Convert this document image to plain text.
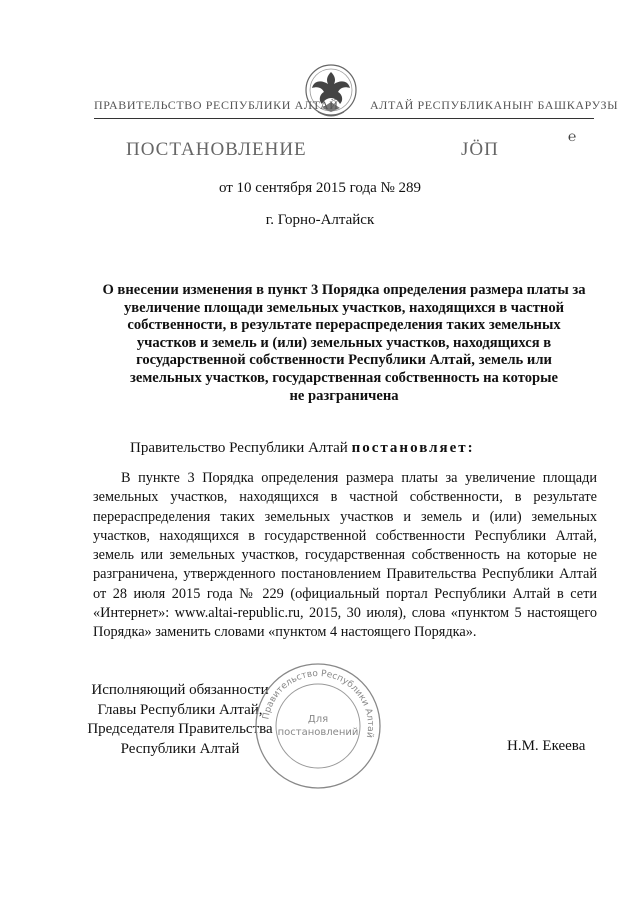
ПРАВИТЕЛЬСТВО РЕСПУБЛИКИ АЛТАЙ	АЛТАЙ РЕСПУБЛИКАНЫҤ БАШКАРУЗЫ
℮
ПОСТАНОВЛЕНИЕ	JӦП
от 10 сентября 2015 года № 289
г. Горно-Алтайск
О внесении изменения в пункт 3 Порядка определения размера платы за
увеличение площади земельных участков, находящихся в частной
собственности, в результате перераспределения таких земельных
участков и земель и (или) земельных участков, находящихся в
государственной собственности Республики Алтай, земель или
земельных участков, государственная собственность на которые
не разграничена
Правительство Республики Алтай постановляет:
В пункте 3 Порядка определения размера платы за увеличение площади земельных участков, находящихся в частной собственности, в результате перераспределения таких земельных участков и земель и (или) земельных участков, находящихся в государственной собственности Республики Алтай, земель или земельных участков, государственная собственность на которые не разграничена, утвержденного постановлением Правительства Республики Алтай от 28 июля 2015 года № 229 (официальный портал Республики Алтай в сети «Интернет»: www.altai-republic.ru, 2015, 30 июля), слова «пунктом 5 настоящего Порядка» заменить словами «пунктом 4 настоящего Порядка».
Исполняющий обязанности
Главы Республики Алтай,
Председателя Правительства
Республики Алтай	Н.М. Екеева
Правительство Республики Алтай
Для
постановлений
